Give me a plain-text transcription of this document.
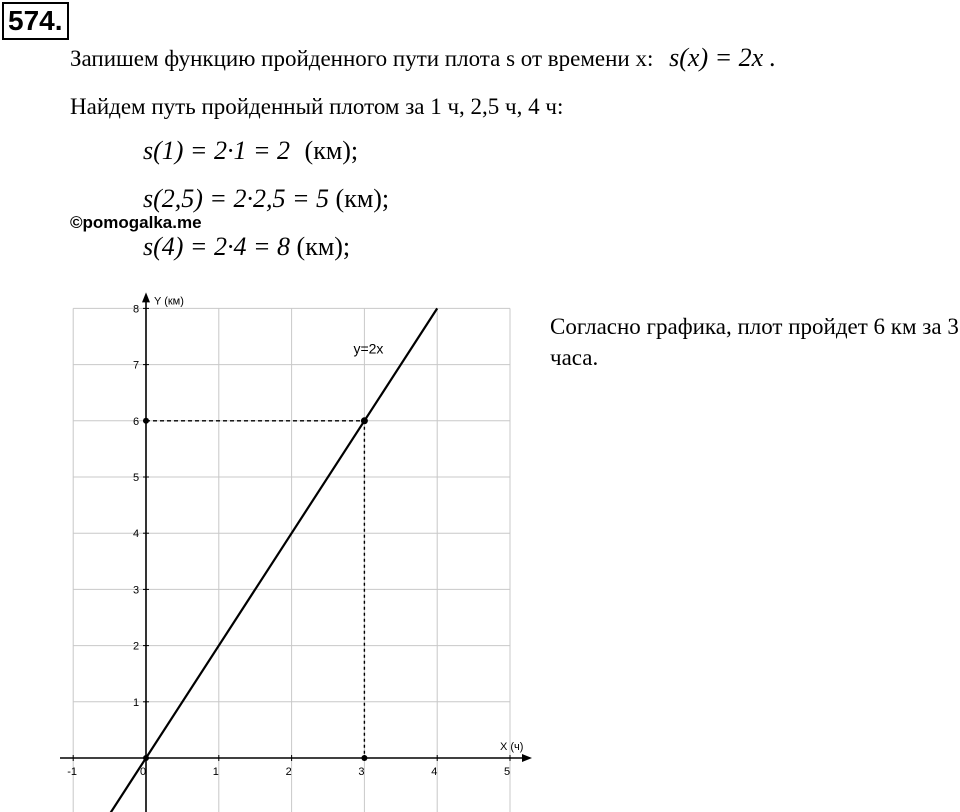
574.
Запишем функцию пройденного пути плота s от времени x: s(x) = 2x .
Найдем путь пройденный плотом за 1 ч, 2,5 ч, 4 ч:
s(1) = 2·1 = 2 (км);
s(2,5) = 2·2,5 = 5 (км);
s(4) = 2·4 = 8 (км);
©pomogalka.me
-1	0	1	2	3	4	5
1
2
3
4
5
6
7
8
Y (км)
X (ч)
y=2x
Согласно графика, плот пройдет 6 км за 3 часа.
